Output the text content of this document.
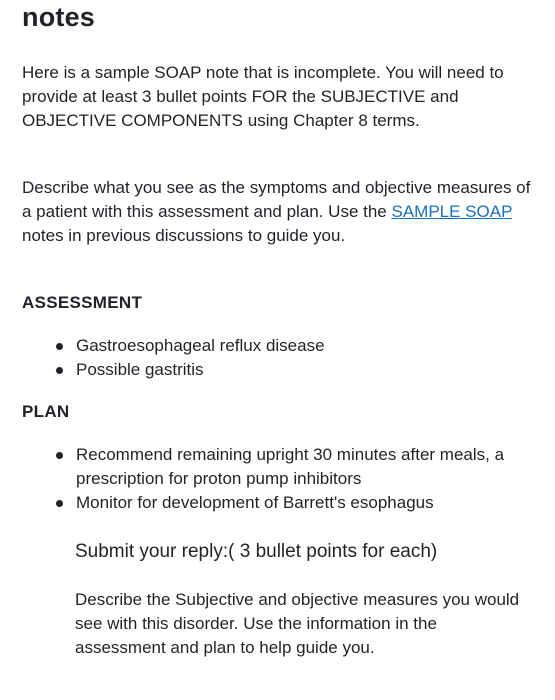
notes
Here is a sample SOAP note that is incomplete. You will need to provide at least 3 bullet points FOR the SUBJECTIVE and OBJECTIVE COMPONENTS using Chapter 8 terms.
Describe what you see as the symptoms and objective measures of a patient with this assessment and plan. Use the SAMPLE SOAP notes in previous discussions to guide you.
ASSESSMENT
Gastroesophageal reflux disease
Possible gastritis
PLAN
Recommend remaining upright 30 minutes after meals, a prescription for proton pump inhibitors
Monitor for development of Barrett's esophagus
Submit your reply:( 3 bullet points for each)
Describe the Subjective and objective measures you would see with this disorder. Use the information in the assessment and plan to help guide you.
